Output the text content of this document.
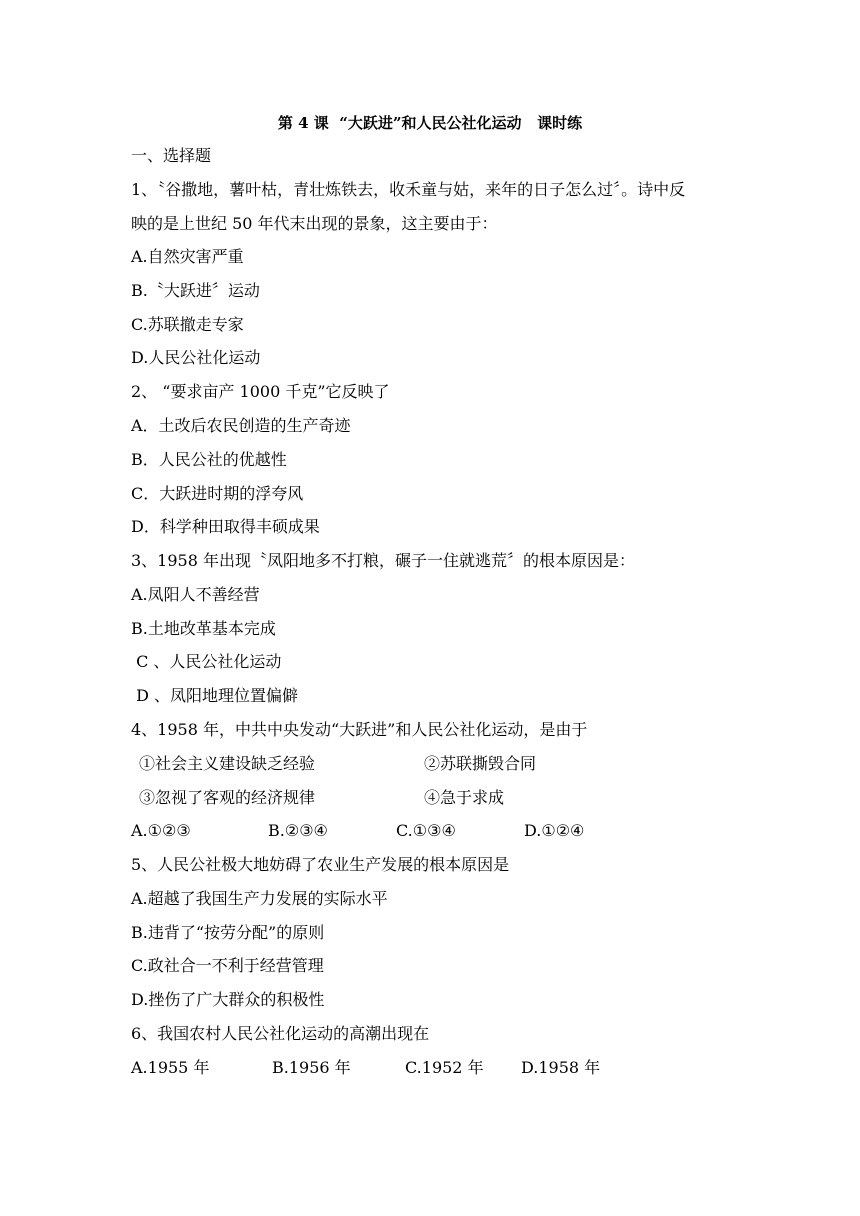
第 4 课  “大跃进”和人民公社化运动   课时练
一、选择题
1、〝谷撒地，薯叶枯，青壮炼铁去，收禾童与姑，来年的日子怎么过〞。诗中反
映的是上世纪 50 年代末出现的景象，这主要由于：
A.自然灾害严重
B.〝大跃进〞运动
C.苏联撤走专家
D.人民公社化运动
2、 “要求亩产 1000 千克”它反映了
A．土改后农民创造的生产奇迹
B．人民公社的优越性
C．大跃进时期的浮夸风
D．科学种田取得丰硕成果
3、1958 年出现〝凤阳地多不打粮，碾子一住就逃荒〞的根本原因是：
A.凤阳人不善经营
B.土地改革基本完成
C 、人民公社化运动
D 、凤阳地理位置偏僻
4、1958 年，中共中央发动“大跃进”和人民公社化运动，是由于
①社会主义建设缺乏经验	②苏联撕毁合同
③忽视了客观的经济规律	④急于求成
A.①②③	B.②③④	C.①③④	D.①②④
5、人民公社极大地妨碍了农业生产发展的根本原因是
A.超越了我国生产力发展的实际水平
B.违背了“按劳分配”的原则
C.政社合一不利于经营管理
D.挫伤了广大群众的积极性
6、我国农村人民公社化运动的高潮出现在
A.1955 年	B.1956 年	C.1952 年 D.1958 年
